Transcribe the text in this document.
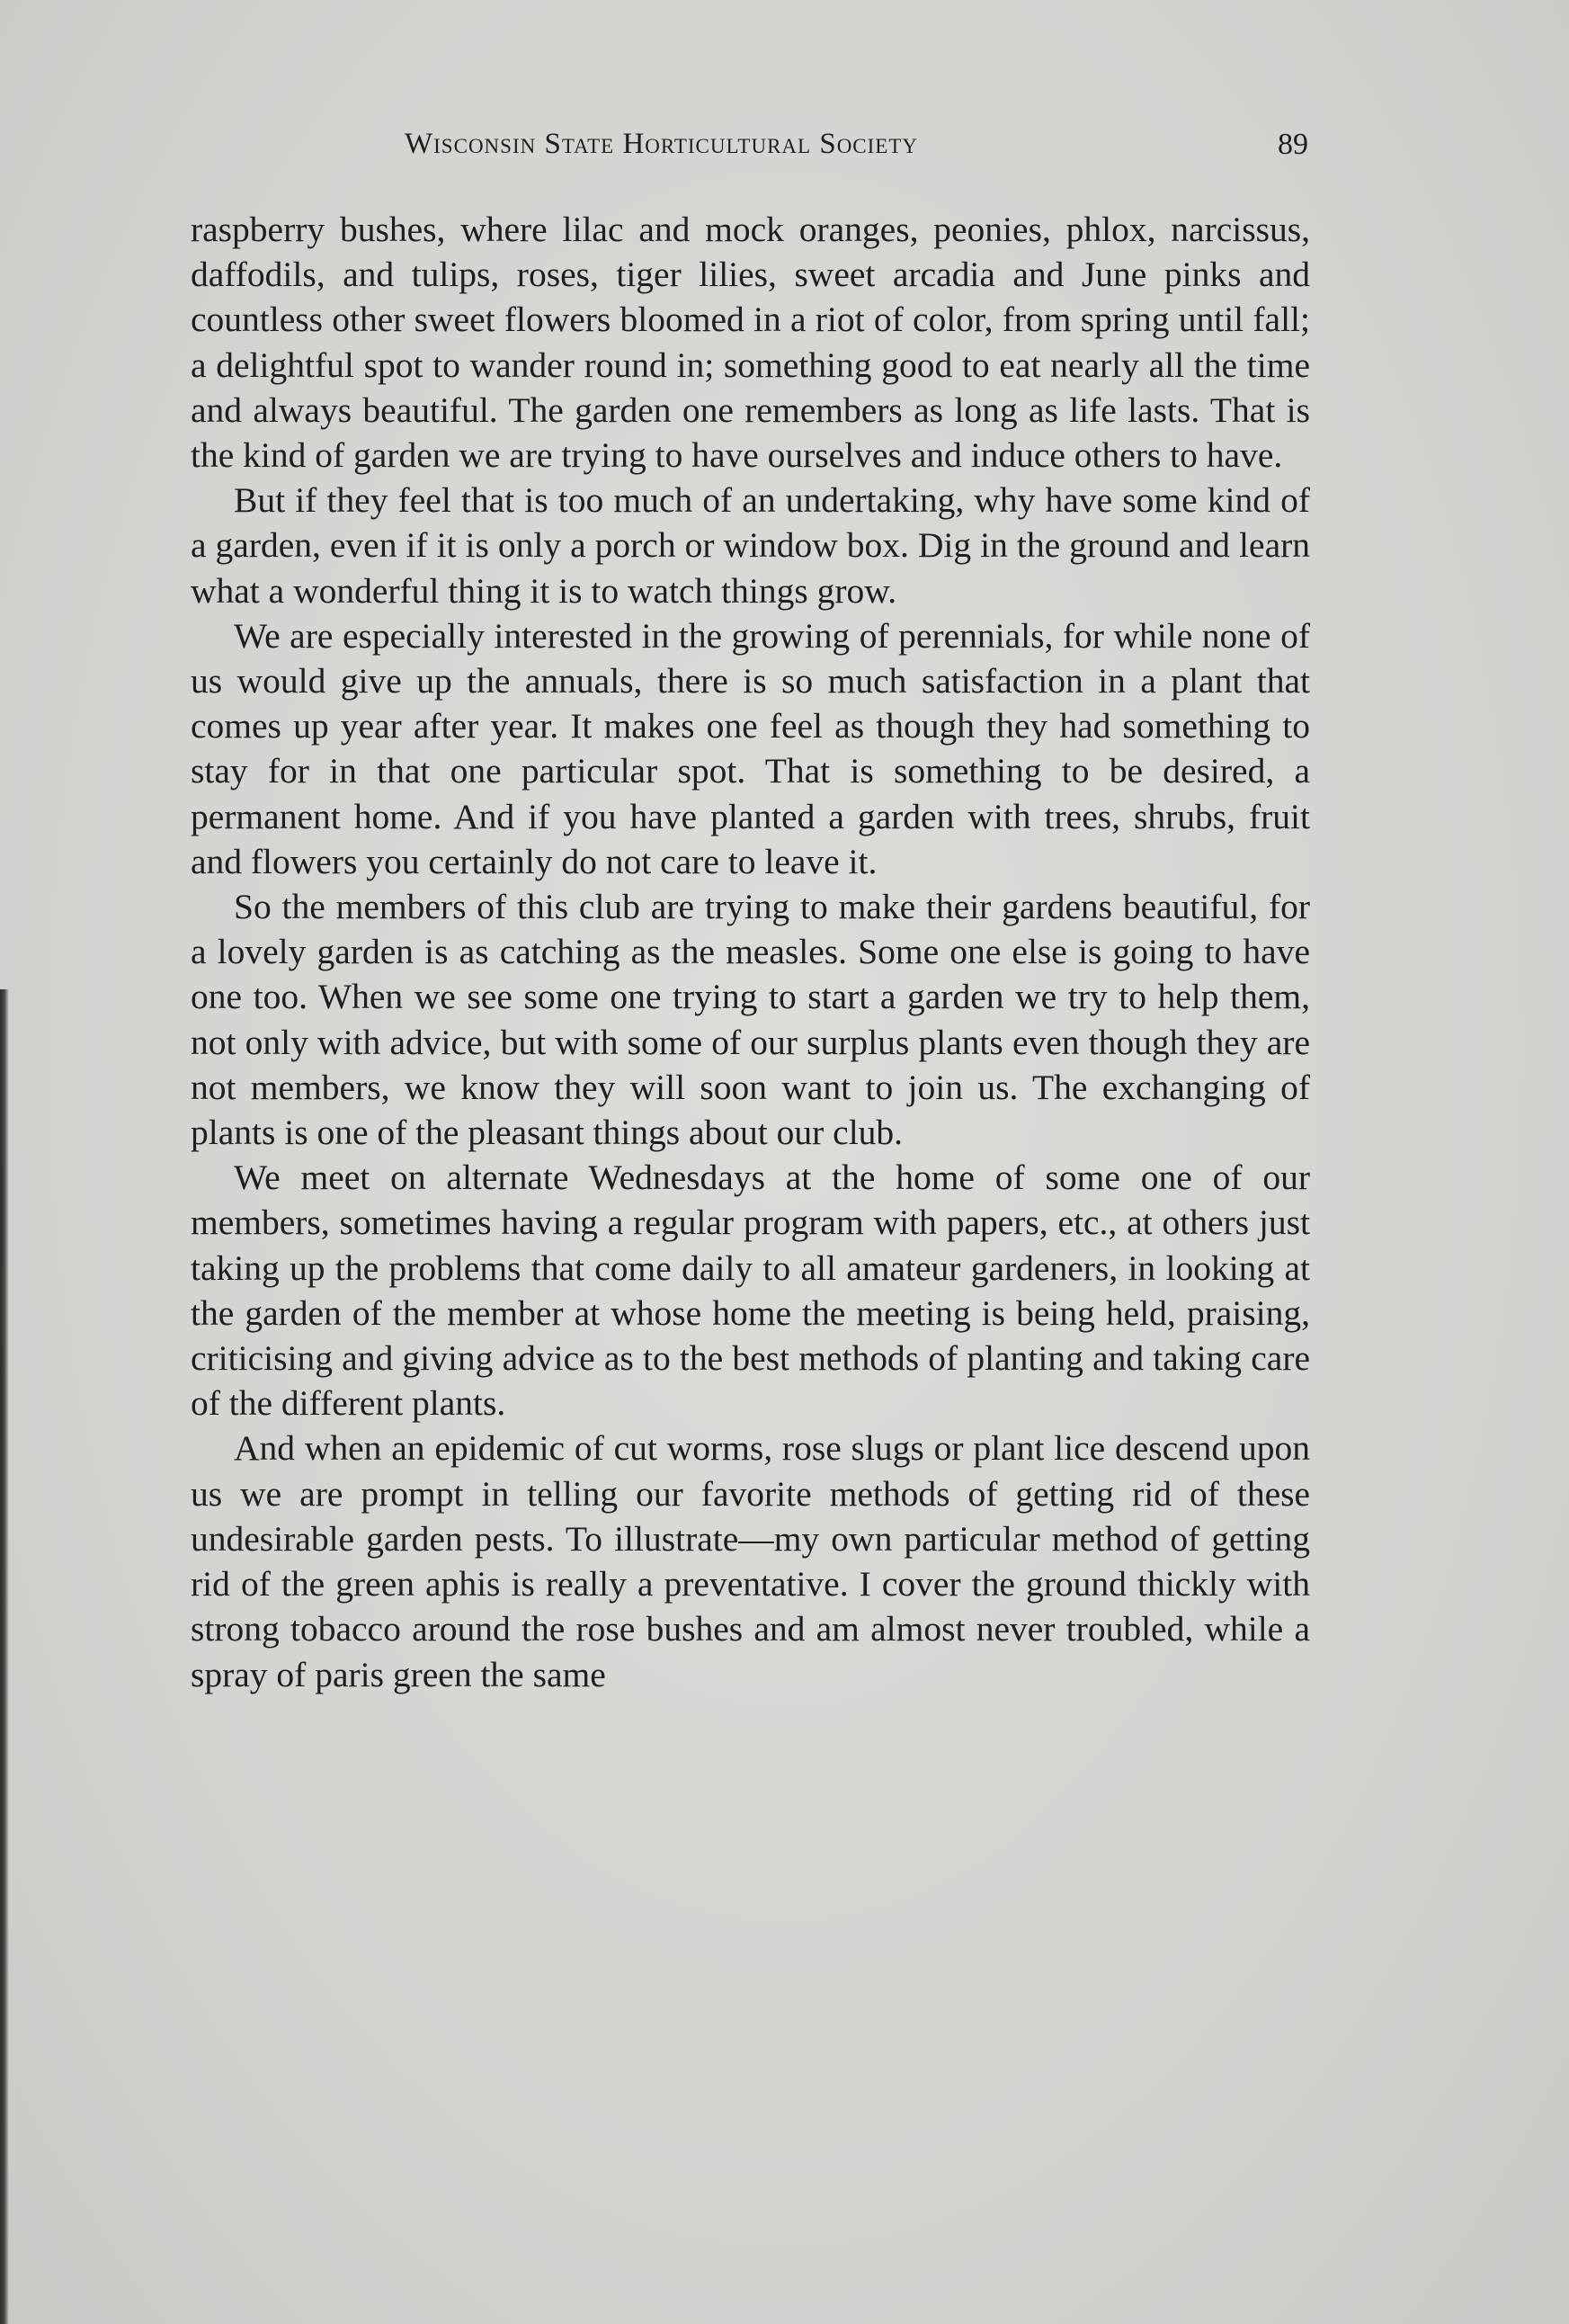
Wisconsin State Horticultural Society	89

raspberry bushes, where lilac and mock oranges, peonies, phlox, narcissus, daffodils, and tulips, roses, tiger lilies, sweet arcadia and June pinks and countless other sweet flowers bloomed in a riot of color, from spring until fall; a delightful spot to wander round in; something good to eat nearly all the time and always beautiful. The garden one remembers as long as life lasts. That is the kind of garden we are trying to have ourselves and induce others to have.

But if they feel that is too much of an undertaking, why have some kind of a garden, even if it is only a porch or window box. Dig in the ground and learn what a wonderful thing it is to watch things grow.

We are especially interested in the growing of perennials, for while none of us would give up the annuals, there is so much satisfaction in a plant that comes up year after year. It makes one feel as though they had something to stay for in that one particular spot. That is something to be desired, a permanent home. And if you have planted a garden with trees, shrubs, fruit and flowers you certainly do not care to leave it.

So the members of this club are trying to make their gardens beautiful, for a lovely garden is as catching as the measles. Some one else is going to have one too. When we see some one trying to start a garden we try to help them, not only with advice, but with some of our surplus plants even though they are not members, we know they will soon want to join us. The exchanging of plants is one of the pleasant things about our club.

We meet on alternate Wednesdays at the home of some one of our members, sometimes having a regular program with papers, etc., at others just taking up the problems that come daily to all amateur gardeners, in looking at the garden of the member at whose home the meeting is being held, praising, criticising and giving advice as to the best methods of planting and taking care of the different plants.

And when an epidemic of cut worms, rose slugs or plant lice descend upon us we are prompt in telling our favorite methods of getting rid of these undesirable garden pests. To illustrate—my own particular method of getting rid of the green aphis is really a preventative. I cover the ground thickly with strong tobacco around the rose bushes and am almost never troubled, while a spray of paris green the same
